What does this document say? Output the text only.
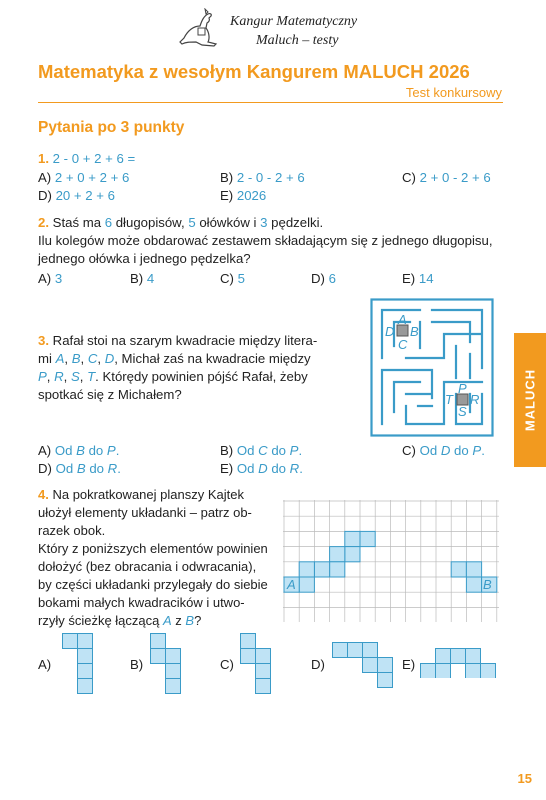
Kangur Matematyczny
Maluch – testy
Matematyka z wesołym Kangurem MALUCH 2026
Test konkursowy
Pytania po 3 punkty
1. 2 - 0 + 2 + 6 =
A) 2 + 0 + 2 + 6	B) 2 - 0 - 2 + 6	C) 2 + 0 - 2 + 6
D) 20 + 2 + 6	E) 2026
2. Staś ma 6 długopisów, 5 ołówków i 3 pędzelki.
Ilu kolegów może obdarować zestawem składającym się z jednego długopisu,
jednego ołówka i jednego pędzelka?
A) 3	B) 4	C) 5	D) 6	E) 14
3. Rafał stoi na szarym kwadracie między litera-
mi A, B, C, D, Michał zaś na kwadracie między
P, R, S, T. Którędy powinien pójść Rafał, żeby
spotkać się z Michałem?
A
D B
C
P
T R
S
A) Od B do P.	B) Od C do P.	C) Od D do P.
D) Od B do R.	E) Od D do R.
MALUCH
4. Na pokratkowanej planszy Kajtek
ułożył elementy układanki – patrz ob-
razek obok.
Który z poniższych elementów powinien
dołożyć (bez obracania i odwracania),
by części układanki przylegały do siebie
bokami małych kwadracików i utwo-
rzyły ścieżkę łączącą A z B?
A	B
A)	B)	C)	D)	E)
15
